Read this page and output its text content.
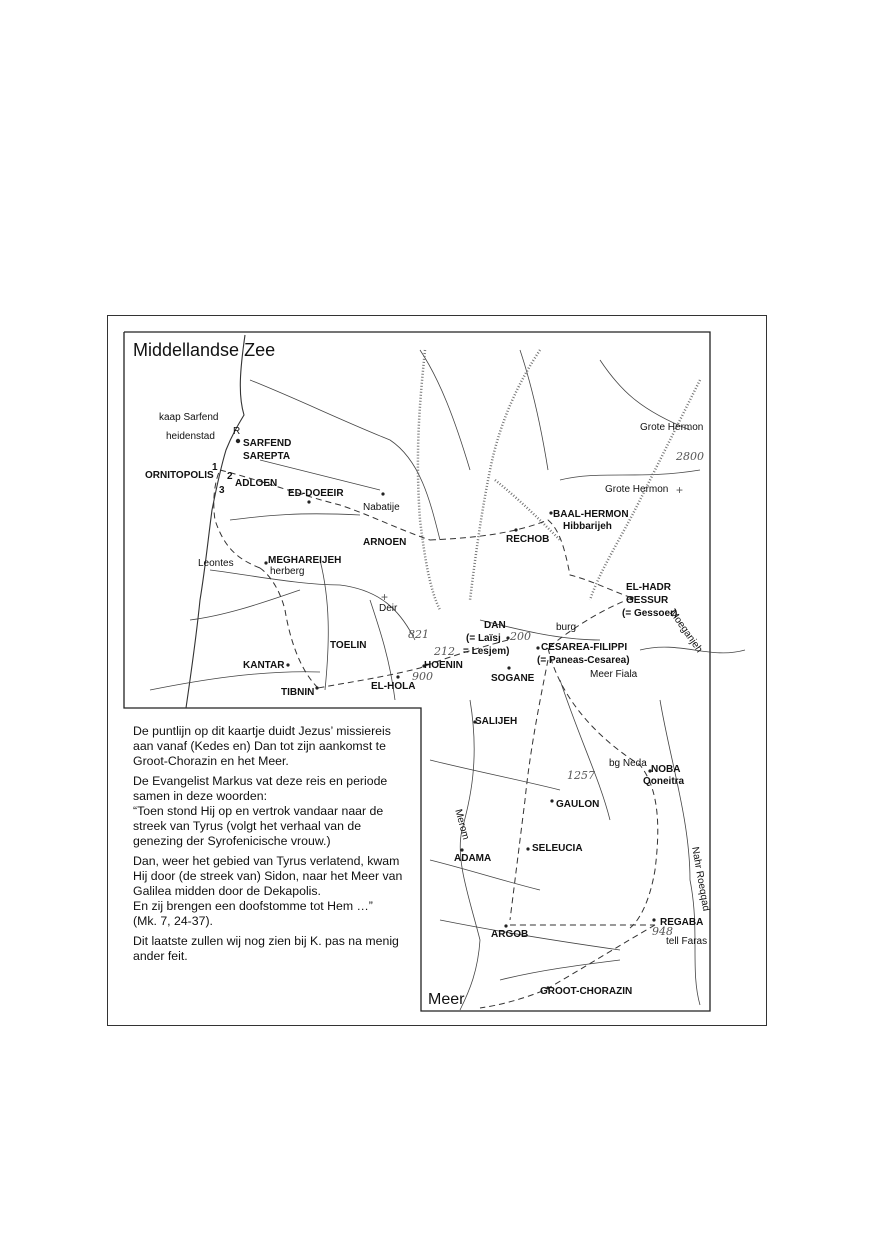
+
+
Middellandse Zee
kaap Sarfend
R
heidenstad
SARFEND
SAREPTA
ORNITOPOLIS
1
2
3
ADLOEN
ED-DOEEIR
Nabatije
ARNOEN	RECHOB
BAAL-HERMON
Hibbarijeh
Grote Hermon
Grote Hermon
Leontes	MEGHAREIJEH
herberg
EL-HADR
GESSUR
(= Gessoer)
Deir
DAN
(= Laïsj
= Lesjem)
burg
CESAREA-FILIPPI
(= Paneas-Cesarea)
TOELIN
KANTAR	HOENIN
EL-HOLA
TIBNIN
SOGANE	Meer Fiala
Moeganjeh
SALIJEH
bg Neda
NOBA
Qoneitra
GAULON
Merom
ADAMA
SELEUCIA	Nahr Roeqqad
REGABA
tell Faras
ARGOB
GROOT-CHORAZIN
2800
821
212
900
200
1257
948
Meer

De puntlijn op dit kaartje duidt Jezus’ missiereis aan vanaf (Kedes en) Dan tot zijn aankomst te Groot-Chorazin en het Meer.

De Evangelist Markus vat deze reis en periode samen in deze woorden:
“Toen stond Hij op en vertrok vandaar naar de streek van Tyrus (volgt het verhaal van de genezing der Syrofenicische vrouw.)

Dan, weer het gebied van Tyrus verlatend, kwam Hij door (de streek van) Sidon, naar het Meer van Galilea midden door de Dekapolis.
En zij brengen een doofstomme tot Hem …”
(Mk. 7, 24-37).

Dit laatste zullen wij nog zien bij K. pas na menig ander feit.
